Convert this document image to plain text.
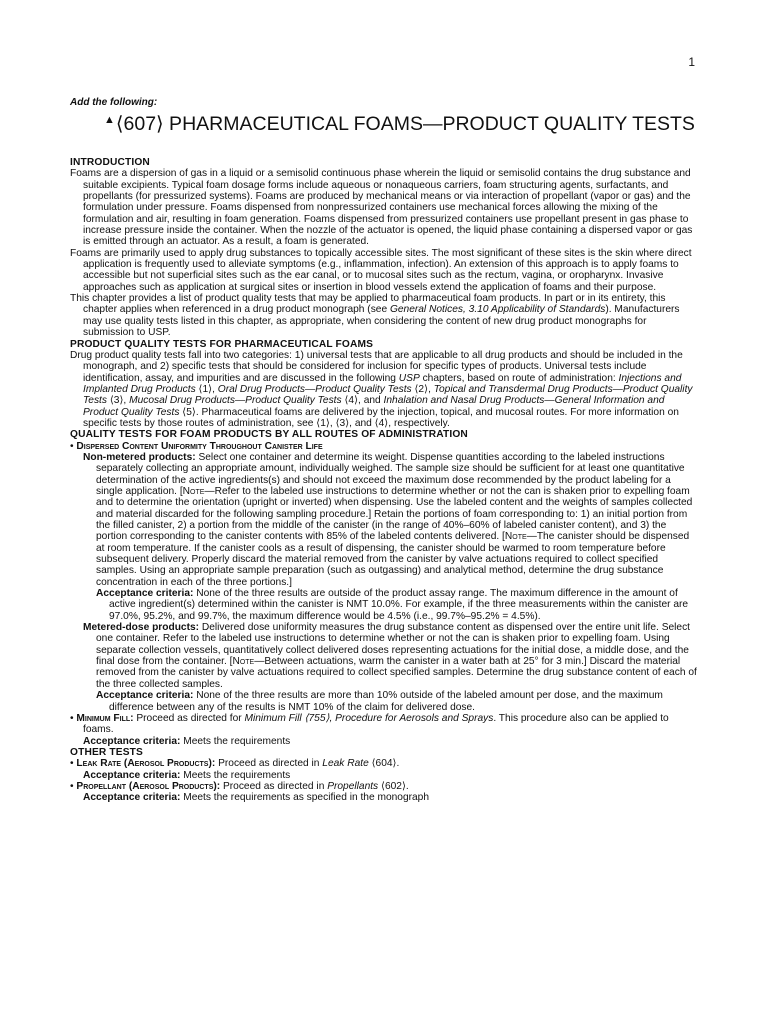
1
Add the following:
▲⟨607⟩ PHARMACEUTICAL FOAMS—PRODUCT QUALITY TESTS

INTRODUCTION

Foams are a dispersion of gas in a liquid or a semisolid continuous phase wherein the liquid or semisolid contains the drug substance and suitable excipients. Typical foam dosage forms include aqueous or nonaqueous carriers, foam structuring agents, surfactants, and propellants (for pressurized systems). Foams are produced by mechanical means or via interaction of propellant (vapor or gas) and the formulation under pressure. Foams dispensed from nonpressurized containers use mechanical forces allowing the mixing of the formulation and air, resulting in foam generation. Foams dispensed from pressurized containers use propellant present in gas phase to increase pressure inside the container. When the nozzle of the actuator is opened, the liquid phase containing a dispersed vapor or gas is emitted through an actuator. As a result, a foam is generated.

Foams are primarily used to apply drug substances to topically accessible sites. The most significant of these sites is the skin where direct application is frequently used to alleviate symptoms (e.g., inflammation, infection). An extension of this approach is to apply foams to accessible but not superficial sites such as the ear canal, or to mucosal sites such as the rectum, vagina, or oropharynx. Invasive approaches such as application at surgical sites or insertion in blood vessels extend the application of foams and their purpose.

This chapter provides a list of product quality tests that may be applied to pharmaceutical foam products. In part or in its entirety, this chapter applies when referenced in a drug product monograph (see General Notices, 3.10 Applicability of Standards). Manufacturers may use quality tests listed in this chapter, as appropriate, when considering the content of new drug product monographs for submission to USP.

PRODUCT QUALITY TESTS FOR PHARMACEUTICAL FOAMS

Drug product quality tests fall into two categories: 1) universal tests that are applicable to all drug products and should be included in the monograph, and 2) specific tests that should be considered for inclusion for specific types of products. Universal tests include identification, assay, and impurities and are discussed in the following USP chapters, based on route of administration: Injections and Implanted Drug Products ⟨1⟩, Oral Drug Products—Product Quality Tests ⟨2⟩, Topical and Transdermal Drug Products—Product Quality Tests ⟨3⟩, Mucosal Drug Products—Product Quality Tests ⟨4⟩, and Inhalation and Nasal Drug Products—General Information and Product Quality Tests ⟨5⟩. Pharmaceutical foams are delivered by the injection, topical, and mucosal routes. For more information on specific tests by those routes of administration, see ⟨1⟩, ⟨3⟩, and ⟨4⟩, respectively.

QUALITY TESTS FOR FOAM PRODUCTS BY ALL ROUTES OF ADMINISTRATION

• Dispersed Content Uniformity Throughout Canister Life

Non-metered products: Select one container and determine its weight. Dispense quantities according to the labeled instructions separately collecting an appropriate amount, individually weighed. The sample size should be sufficient for at least one quantitative determination of the active ingredients(s) and should not exceed the maximum dose recommended by the product labeling for a single application. [Note—Refer to the labeled use instructions to determine whether or not the can is shaken prior to expelling foam and to determine the orientation (upright or inverted) when dispensing. Use the labeled content and the weights of samples collected and material discarded for the following sampling procedure.] Retain the portions of foam corresponding to: 1) an initial portion from the filled canister, 2) a portion from the middle of the canister (in the range of 40%–60% of labeled canister content), and 3) the portion corresponding to the canister contents with 85% of the labeled contents delivered. [Note—The canister should be dispensed at room temperature. If the canister cools as a result of dispensing, the canister should be warmed to room temperature before subsequent delivery. Properly discard the material removed from the canister by valve actuations required to collect specified samples. Using an appropriate sample preparation (such as outgassing) and analytical method, determine the drug substance concentration in each of the three portions.]

Acceptance criteria: None of the three results are outside of the product assay range. The maximum difference in the amount of active ingredient(s) determined within the canister is NMT 10.0%. For example, if the three measurements within the canister are 97.0%, 95.2%, and 99.7%, the maximum difference would be 4.5% (i.e., 99.7%–95.2% = 4.5%).

Metered-dose products: Delivered dose uniformity measures the drug substance content as dispensed over the entire unit life. Select one container. Refer to the labeled use instructions to determine whether or not the can is shaken prior to expelling foam. Using separate collection vessels, quantitatively collect delivered doses representing actuations for the initial dose, a middle dose, and the final dose from the container. [Note—Between actuations, warm the canister in a water bath at 25° for 3 min.] Discard the material removed from the canister by valve actuations required to collect specified samples. Determine the drug substance content of each of the three collected samples.

Acceptance criteria: None of the three results are more than 10% outside of the labeled amount per dose, and the maximum difference between any of the results is NMT 10% of the claim for delivered dose.

• Minimum Fill: Proceed as directed for Minimum Fill ⟨755⟩, Procedure for Aerosols and Sprays. This procedure also can be applied to foams.

Acceptance criteria: Meets the requirements

OTHER TESTS

• Leak Rate (Aerosol Products): Proceed as directed in Leak Rate ⟨604⟩.

Acceptance criteria: Meets the requirements

• Propellant (Aerosol Products): Proceed as directed in Propellants ⟨602⟩.

Acceptance criteria: Meets the requirements as specified in the monograph
